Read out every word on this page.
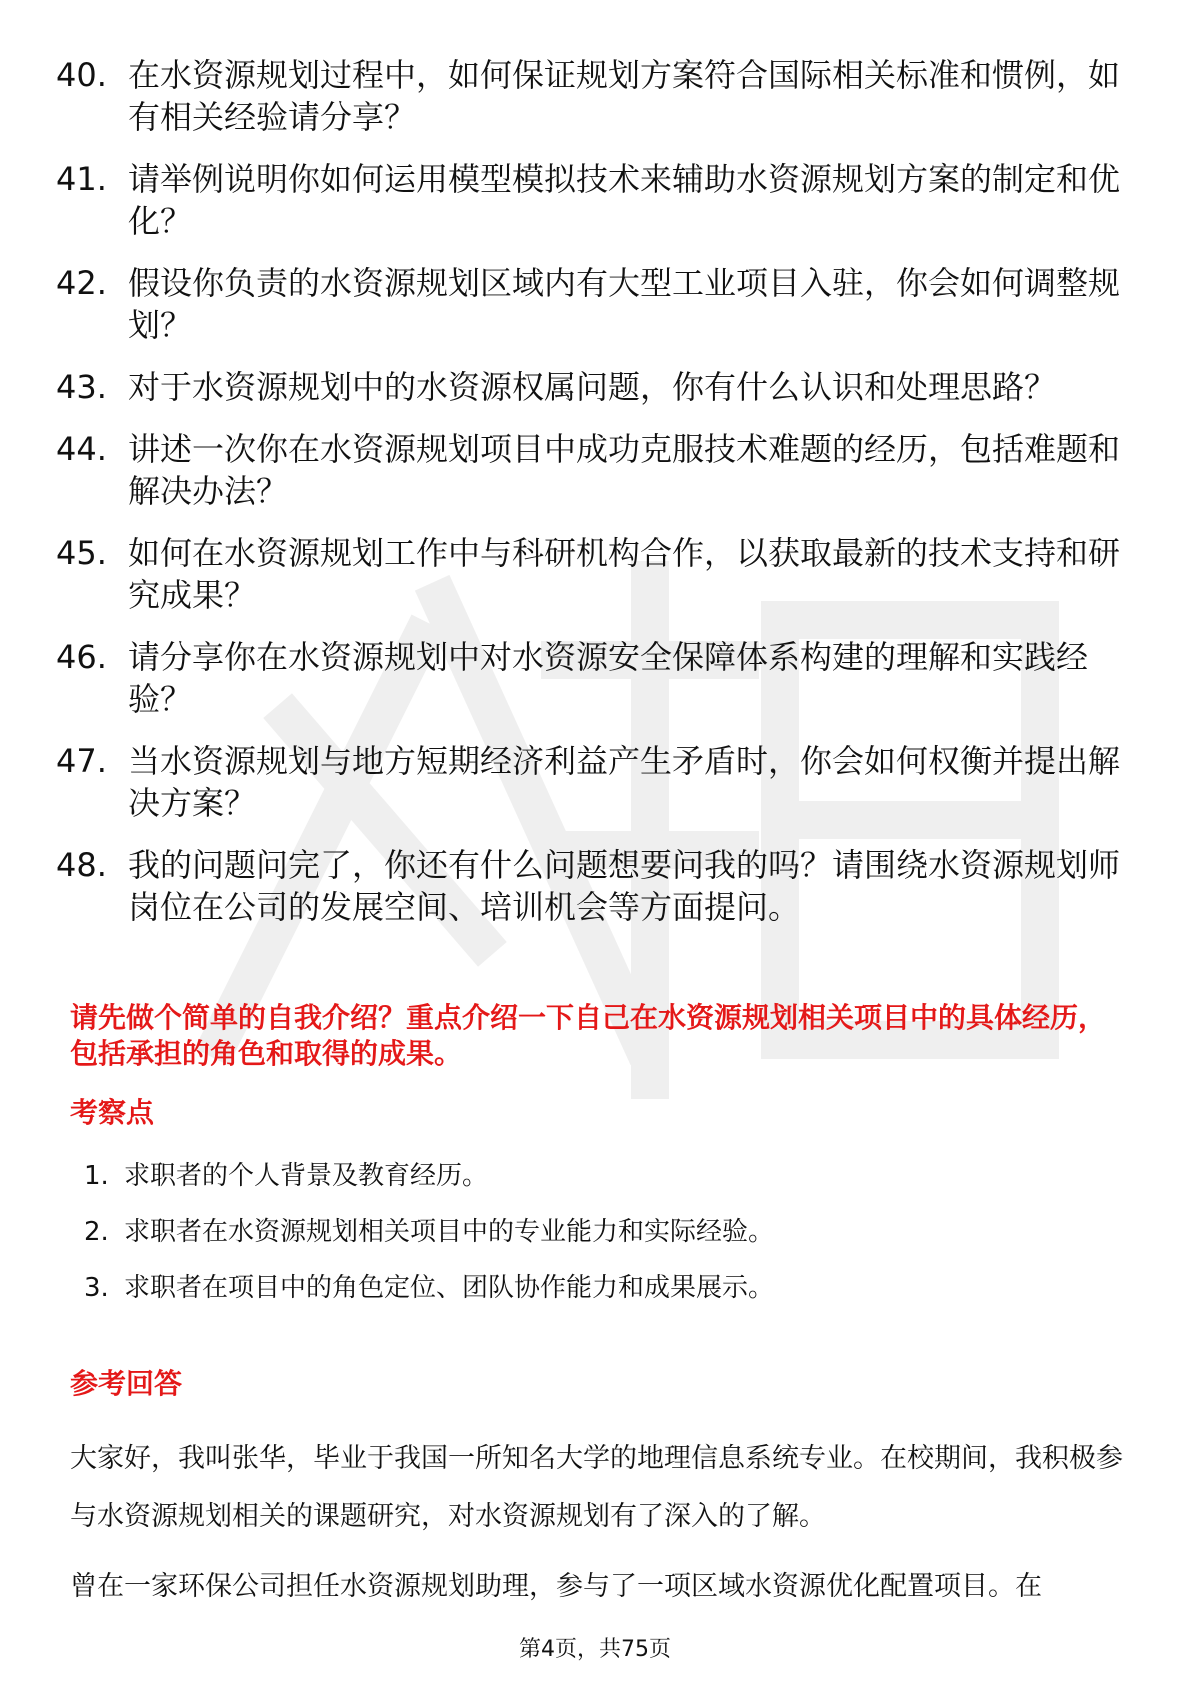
40. 在水资源规划过程中，如何保证规划方案符合国际相关标准和惯例，如有相关经验请分享？
41. 请举例说明你如何运用模型模拟技术来辅助水资源规划方案的制定和优化？
42. 假设你负责的水资源规划区域内有大型工业项目入驻，你会如何调整规划？
43. 对于水资源规划中的水资源权属问题，你有什么认识和处理思路？
44. 讲述一次你在水资源规划项目中成功克服技术难题的经历，包括难题和解决办法？
45. 如何在水资源规划工作中与科研机构合作，以获取最新的技术支持和研究成果？
46. 请分享你在水资源规划中对水资源安全保障体系构建的理解和实践经验？
47. 当水资源规划与地方短期经济利益产生矛盾时，你会如何权衡并提出解决方案？
48. 我的问题问完了，你还有什么问题想要问我的吗？请围绕水资源规划师岗位在公司的发展空间、培训机会等方面提问。
请先做个简单的自我介绍？重点介绍一下自己在水资源规划相关项目中的具体经历，包括承担的角色和取得的成果。
考察点
1. 求职者的个人背景及教育经历。
2. 求职者在水资源规划相关项目中的专业能力和实际经验。
3. 求职者在项目中的角色定位、团队协作能力和成果展示。
参考回答
大家好，我叫张华，毕业于我国一所知名大学的地理信息系统专业。在校期间，我积极参与水资源规划相关的课题研究，对水资源规划有了深入的了解。
曾在一家环保公司担任水资源规划助理，参与了一项区域水资源优化配置项目。在
第4页，共75页
